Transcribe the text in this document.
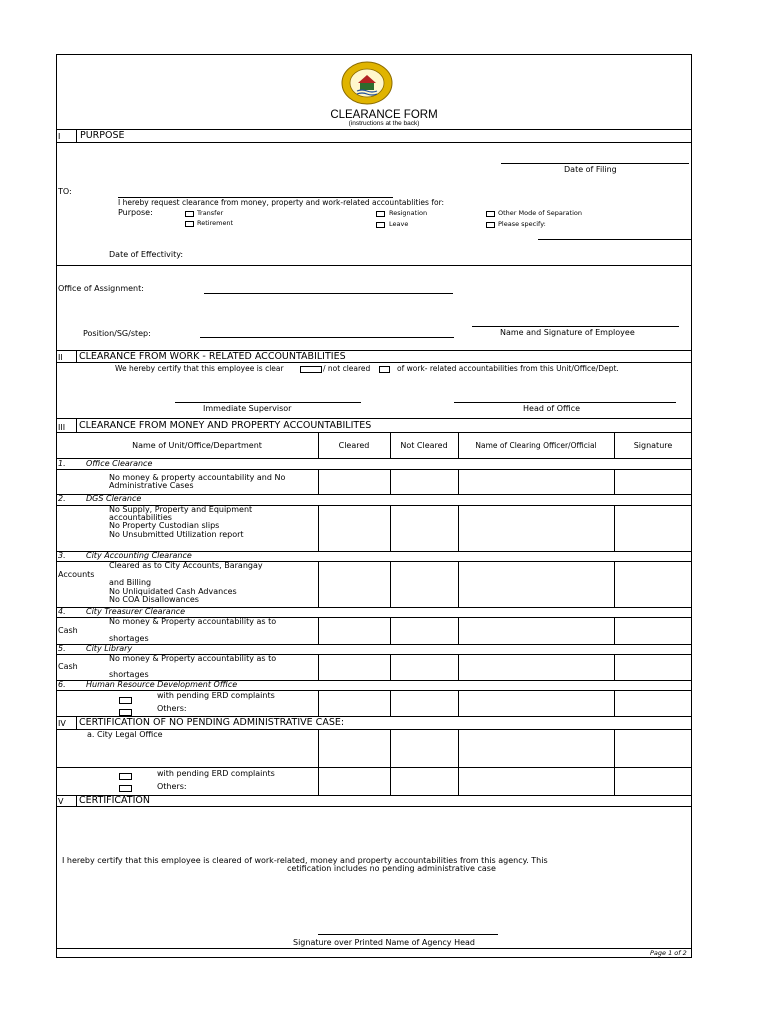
CLEARANCE FORM
(instructions at the back)
I PURPOSE
Date of Filing
TO:
I hereby request clearance from money, property and work-related accountablities for:
Purpose:	Transfer
Retirement
Resignation
Leave
Other Mode of Separation
Please specify:
Date of Effectivity:
Office of Assignment:
Position/SG/step:	Name and Signature of Employee
II CLEARANCE FROM WORK - RELATED ACCOUNTABILITIES
We hereby certify that this employee is clear	/ not cleared	of work- related accountabilities from this Unit/Office/Dept.
Immediate Supervisor	Head of Office
III CLEARANCE FROM MONEY AND PROPERTY ACCOUNTABILITES
Name of Unit/Office/Department	Cleared	Not Cleared	Name of Clearing Officer/Official	Signature
1.	Office Clearance
No money & property accountability and No
Administrative Cases
2.	DGS Clerance
No Supply, Property and Equipment
accountabilities
No Property Custodian slips
No Unsubmitted Utilization report
3.	City Accounting Clearance
Cleared as to City Accounts, Barangay
Accounts
and Billing
No Unliquidated Cash Advances
No COA Disallowances
4.	City Treasurer Clearance
No money & Property accountability as to
Cash
shortages
5.	City Library
No money & Property accountability as to
Cash
shortages
6.	Human Resource Development Office
with pending ERD complaints
Others:
IV CERTIFICATION OF NO PENDING ADMINISTRATIVE CASE:
a. City Legal Office
with pending ERD complaints
Others:
V CERTIFICATION
I hereby certify that this employee is cleared of work-related, money and property accountabilities from this agency. This
cetification includes no pending administrative case
Signature over Printed Name of Agency Head
Page 1 of 2
